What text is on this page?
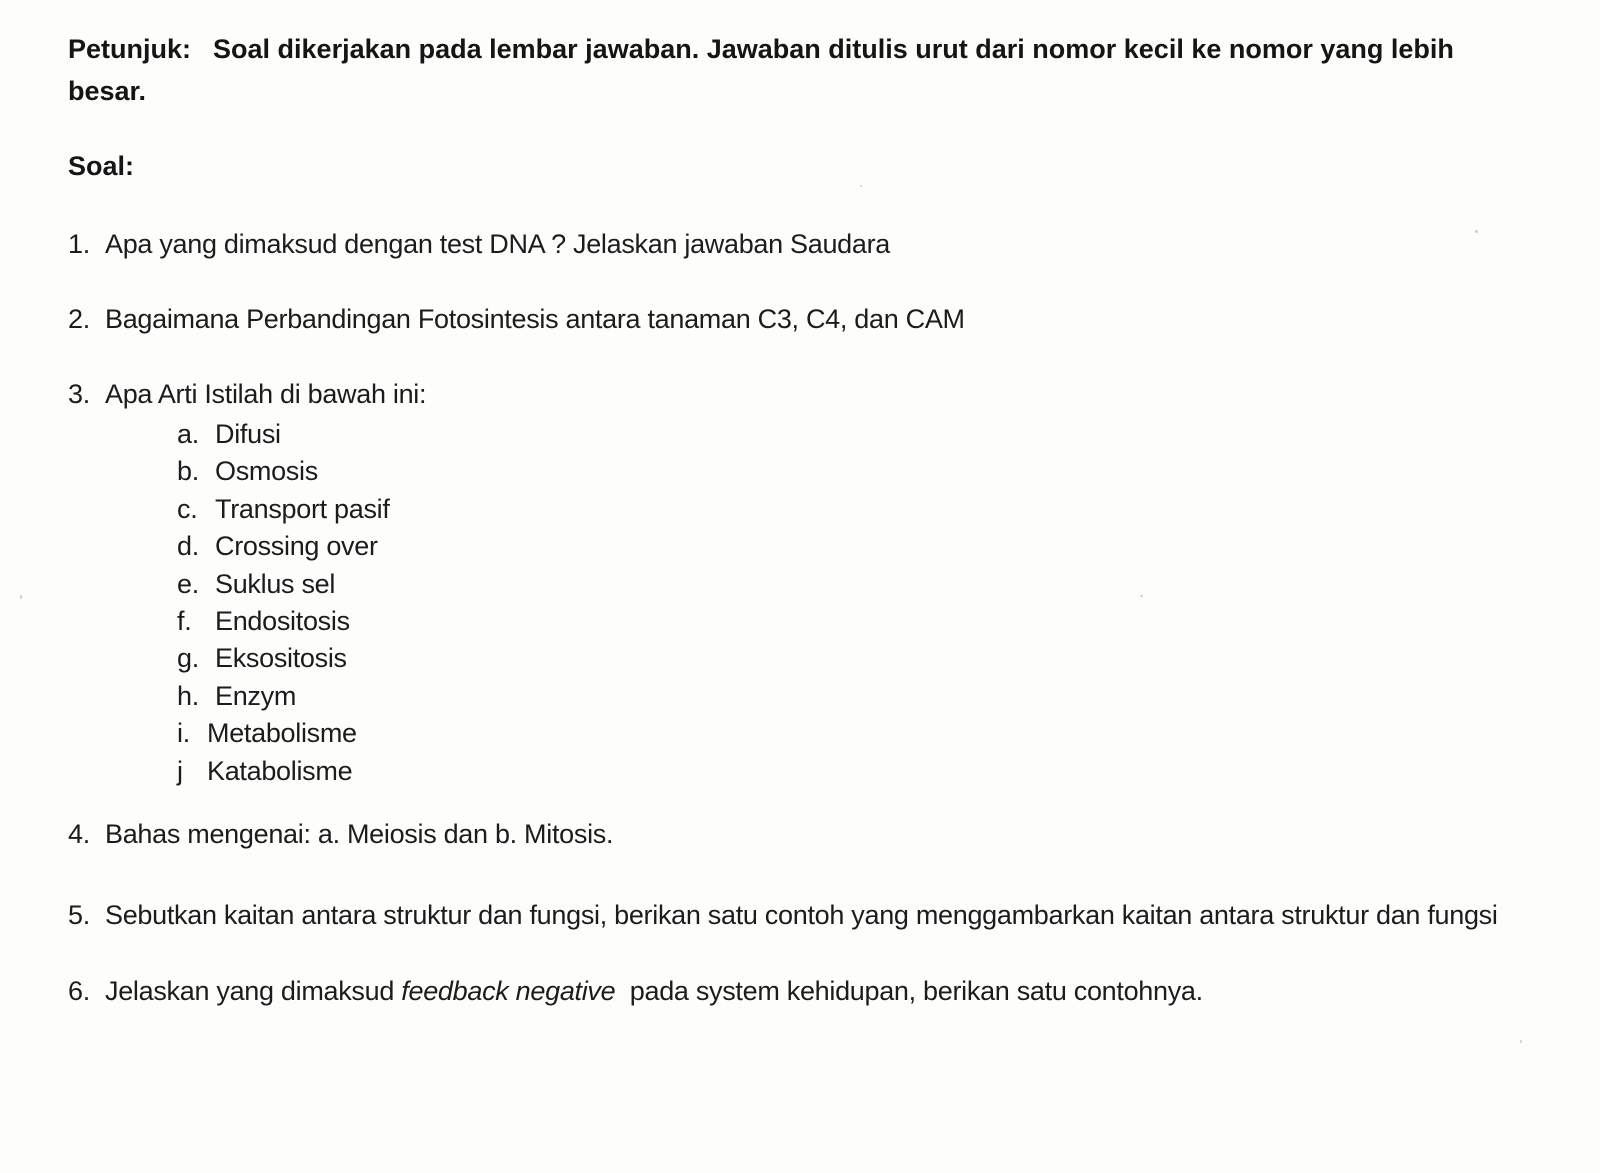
Petunjuk: Soal dikerjakan pada lembar jawaban. Jawaban ditulis urut dari nomor kecil ke nomor yang lebih besar.
Soal:
1. Apa yang dimaksud dengan test DNA ? Jelaskan jawaban Saudara
2. Bagaimana Perbandingan Fotosintesis antara tanaman C3, C4, dan CAM
3. Apa Arti Istilah di bawah ini:
a. Difusi
b. Osmosis
c. Transport pasif
d. Crossing over
e. Suklus sel
f. Endositosis
g. Eksositosis
h. Enzym
i. Metabolisme
j Katabolisme
4. Bahas mengenai: a. Meiosis dan b. Mitosis.
5. Sebutkan kaitan antara struktur dan fungsi, berikan satu contoh yang menggambarkan kaitan antara struktur dan fungsi
6. Jelaskan yang dimaksud feedback negative pada system kehidupan, berikan satu contohnya.
